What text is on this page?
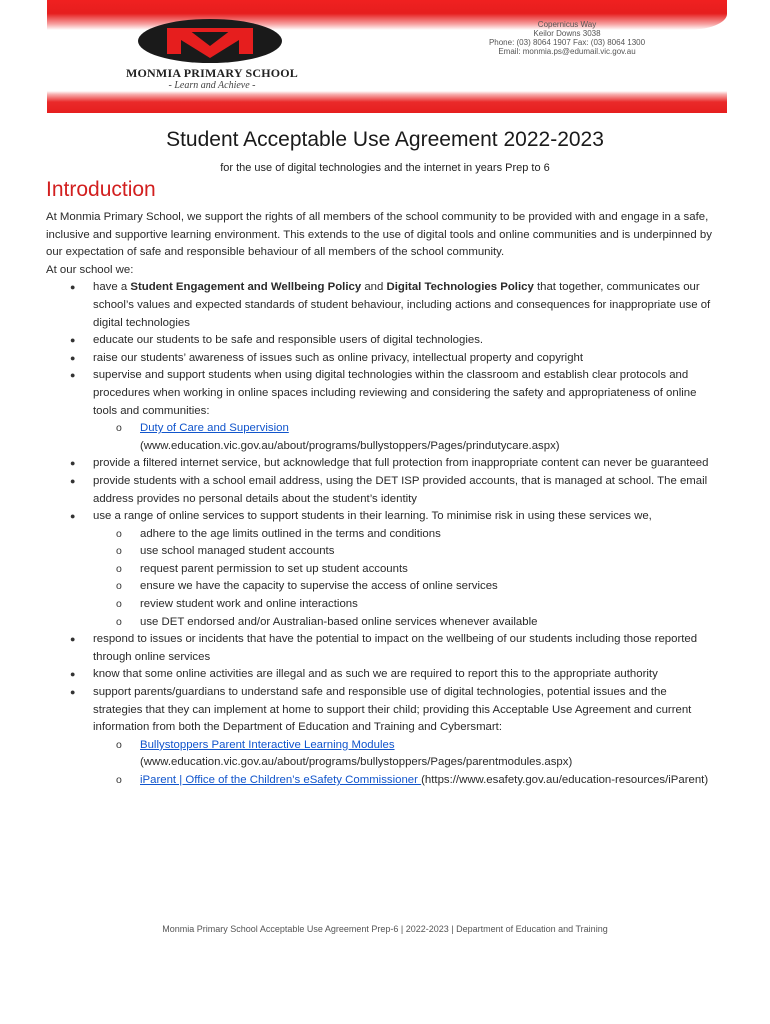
MONMIA PRIMARY SCHOOL
- Learn and Achieve -
Copernicus Way
Keilor Downs 3038
Phone: (03) 8064 1907 Fax: (03) 8064 1300
Email: monmia.ps@edumail.vic.gov.au
Student Acceptable Use Agreement 2022-2023
for the use of digital technologies and the internet in years Prep to 6
Introduction

At Monmia Primary School, we support the rights of all members of the school community to be provided with and engage in a safe, inclusive and supportive learning environment. This extends to the use of digital tools and online communities and is underpinned by our expectation of safe and responsible behaviour of all members of the school community.

At our school we:

● have a Student Engagement and Wellbeing Policy and Digital Technologies Policy that together, communicates our school’s values and expected standards of student behaviour, including actions and consequences for inappropriate use of digital technologies
● educate our students to be safe and responsible users of digital technologies.
● raise our students’ awareness of issues such as online privacy, intellectual property and copyright
● supervise and support students when using digital technologies within the classroom and establish clear protocols and procedures when working in online spaces including reviewing and considering the safety and appropriateness of online tools and communities:
o Duty of Care and Supervision
(www.education.vic.gov.au/about/programs/bullystoppers/Pages/prindutycare.aspx)
● provide a filtered internet service, but acknowledge that full protection from inappropriate content can never be guaranteed
● provide students with a school email address, using the DET ISP provided accounts, that is managed at school. The email address provides no personal details about the student’s identity
● use a range of online services to support students in their learning. To minimise risk in using these services we,
o adhere to the age limits outlined in the terms and conditions
o use school managed student accounts
o request parent permission to set up student accounts
o ensure we have the capacity to supervise the access of online services
o review student work and online interactions
o use DET endorsed and/or Australian-based online services whenever available
● respond to issues or incidents that have the potential to impact on the wellbeing of our students including those reported through online services
● know that some online activities are illegal and as such we are required to report this to the appropriate authority
● support parents/guardians to understand safe and responsible use of digital technologies, potential issues and the strategies that they can implement at home to support their child; providing this Acceptable Use Agreement and current information from both the Department of Education and Training and Cybersmart:
o Bullystoppers Parent Interactive Learning Modules
(www.education.vic.gov.au/about/programs/bullystoppers/Pages/parentmodules.aspx)
o iParent | Office of the Children’s eSafety Commissioner (https://www.esafety.gov.au/education-resources/iParent)
Monmia Primary School Acceptable Use Agreement Prep-6 | 2022-2023 | Department of Education and Training
